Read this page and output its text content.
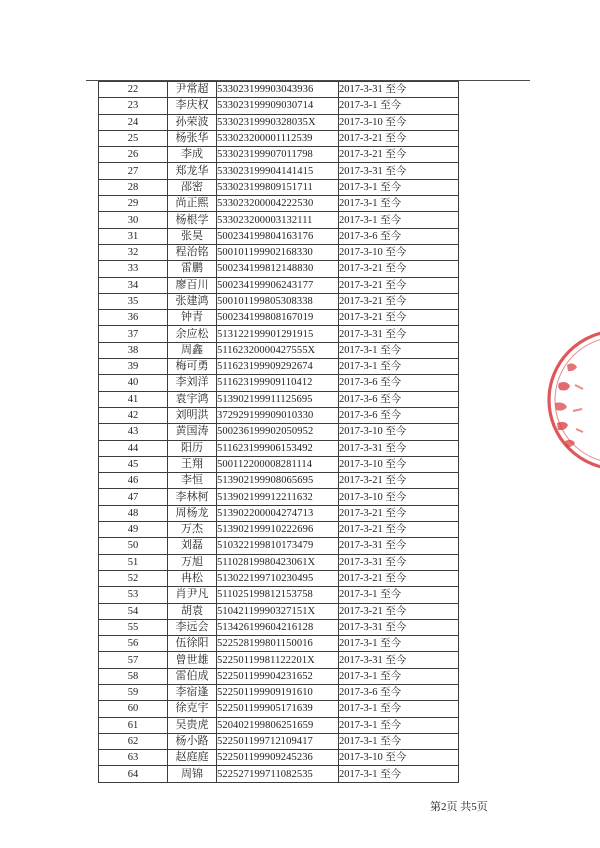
22	尹常超	533023199903043936	2017-3-31 至今
23	李庆权	533023199909030714	2017-3-1 至今
24	孙荣波	53302319990328035X	2017-3-10 至今
25	杨张华	533023200001112539	2017-3-21 至今
26	李成	533023199907011798	2017-3-21 至今
27	郑龙华	533023199904141415	2017-3-31 至今
28	邵密	533023199809151711	2017-3-1 至今
29	尚正熙	533023200004222530	2017-3-1 至今
30	杨根学	533023200003132111	2017-3-1 至今
31	张昊	500234199804163176	2017-3-6 至今
32	程治铭	500101199902168330	2017-3-10 至今
33	雷鹏	500234199812148830	2017-3-21 至今
34	廖百川	500234199906243177	2017-3-21 至今
35	张建鸿	500101199805308338	2017-3-21 至今
36	钟青	500234199808167019	2017-3-21 至今
37	余应松	513122199901291915	2017-3-31 至今
38	周鑫	51162320000427555X	2017-3-1 至今
39	梅可勇	511623199909292674	2017-3-1 至今
40	李刘洋	511623199909110412	2017-3-6 至今
41	袁宇鸿	513902199911125695	2017-3-6 至今
42	刘明洪	372929199909010330	2017-3-6 至今
43	黄国涛	500236199902050952	2017-3-10 至今
44	阳历	511623199906153492	2017-3-31 至今
45	王翔	500112200008281114	2017-3-10 至今
46	李恒	513902199908065695	2017-3-21 至今
47	李林柯	513902199912211632	2017-3-10 至今
48	周杨龙	513902200004274713	2017-3-21 至今
49	万杰	513902199910222696	2017-3-21 至今
50	刘磊	510322199810173479	2017-3-31 至今
51	万旭	51102819980423061X	2017-3-31 至今
52	冉松	513022199710230495	2017-3-21 至今
53	肖尹凡	511025199812153758	2017-3-1 至今
54	胡袁	51042119990327151X	2017-3-21 至今
55	李远会	513426199604216128	2017-3-31 至今
56	伍徐阳	522528199801150016	2017-3-1 至今
57	曾世雄	52250119981122201X	2017-3-31 至今
58	雷伯成	522501199904231652	2017-3-1 至今
59	李宿逢	522501199909191610	2017-3-6 至今
60	徐克宇	522501199905171639	2017-3-1 至今
61	吴贵虎	520402199806251659	2017-3-1 至今
62	杨小路	522501199712109417	2017-3-1 至今
63	赵庭庭	522501199909245236	2017-3-10 至今
64	周锦	522527199711082535	2017-3-1 至今
第2页 共5页
